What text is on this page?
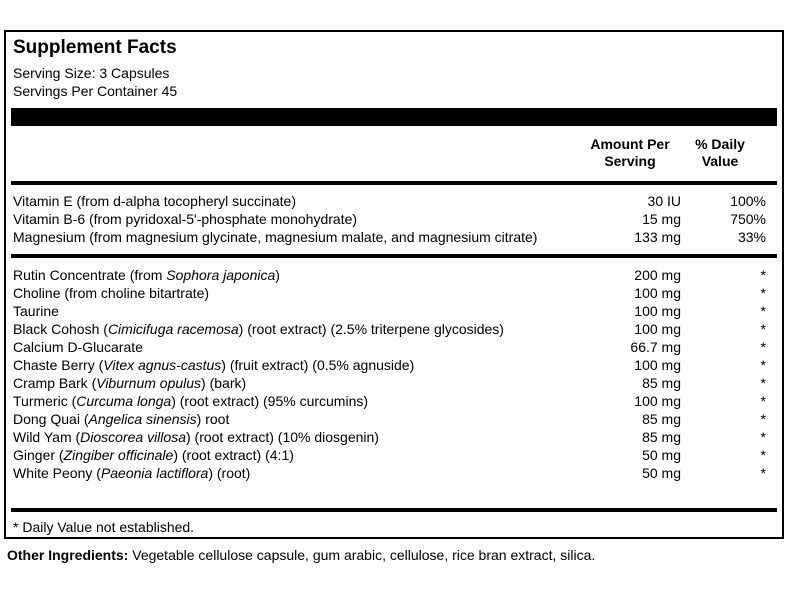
Supplement Facts
Serving Size: 3 Capsules
Servings Per Container 45
Amount Per
Serving
% Daily
Value
Vitamin E (from d-alpha tocopheryl succinate)	30 IU	100%
Vitamin B-6 (from pyridoxal-5'-phosphate monohydrate)	15 mg	750%
Magnesium (from magnesium glycinate, magnesium malate, and magnesium citrate)	133 mg	33%
Rutin Concentrate (from Sophora japonica)	200 mg	*
Choline (from choline bitartrate)	100 mg	*
Taurine	100 mg	*
Black Cohosh (Cimicifuga racemosa) (root extract) (2.5% triterpene glycosides)	100 mg	*
Calcium D-Glucarate	66.7 mg	*
Chaste Berry (Vitex agnus-castus) (fruit extract) (0.5% agnuside)	100 mg	*
Cramp Bark (Viburnum opulus) (bark)	85 mg	*
Turmeric (Curcuma longa) (root extract) (95% curcumins)	100 mg	*
Dong Quai (Angelica sinensis) root	85 mg	*
Wild Yam (Dioscorea villosa) (root extract) (10% diosgenin)	85 mg	*
Ginger (Zingiber officinale) (root extract) (4:1)	50 mg	*
White Peony (Paeonia lactiflora) (root)	50 mg	*
* Daily Value not established.
Other Ingredients: Vegetable cellulose capsule, gum arabic, cellulose, rice bran extract, silica.
